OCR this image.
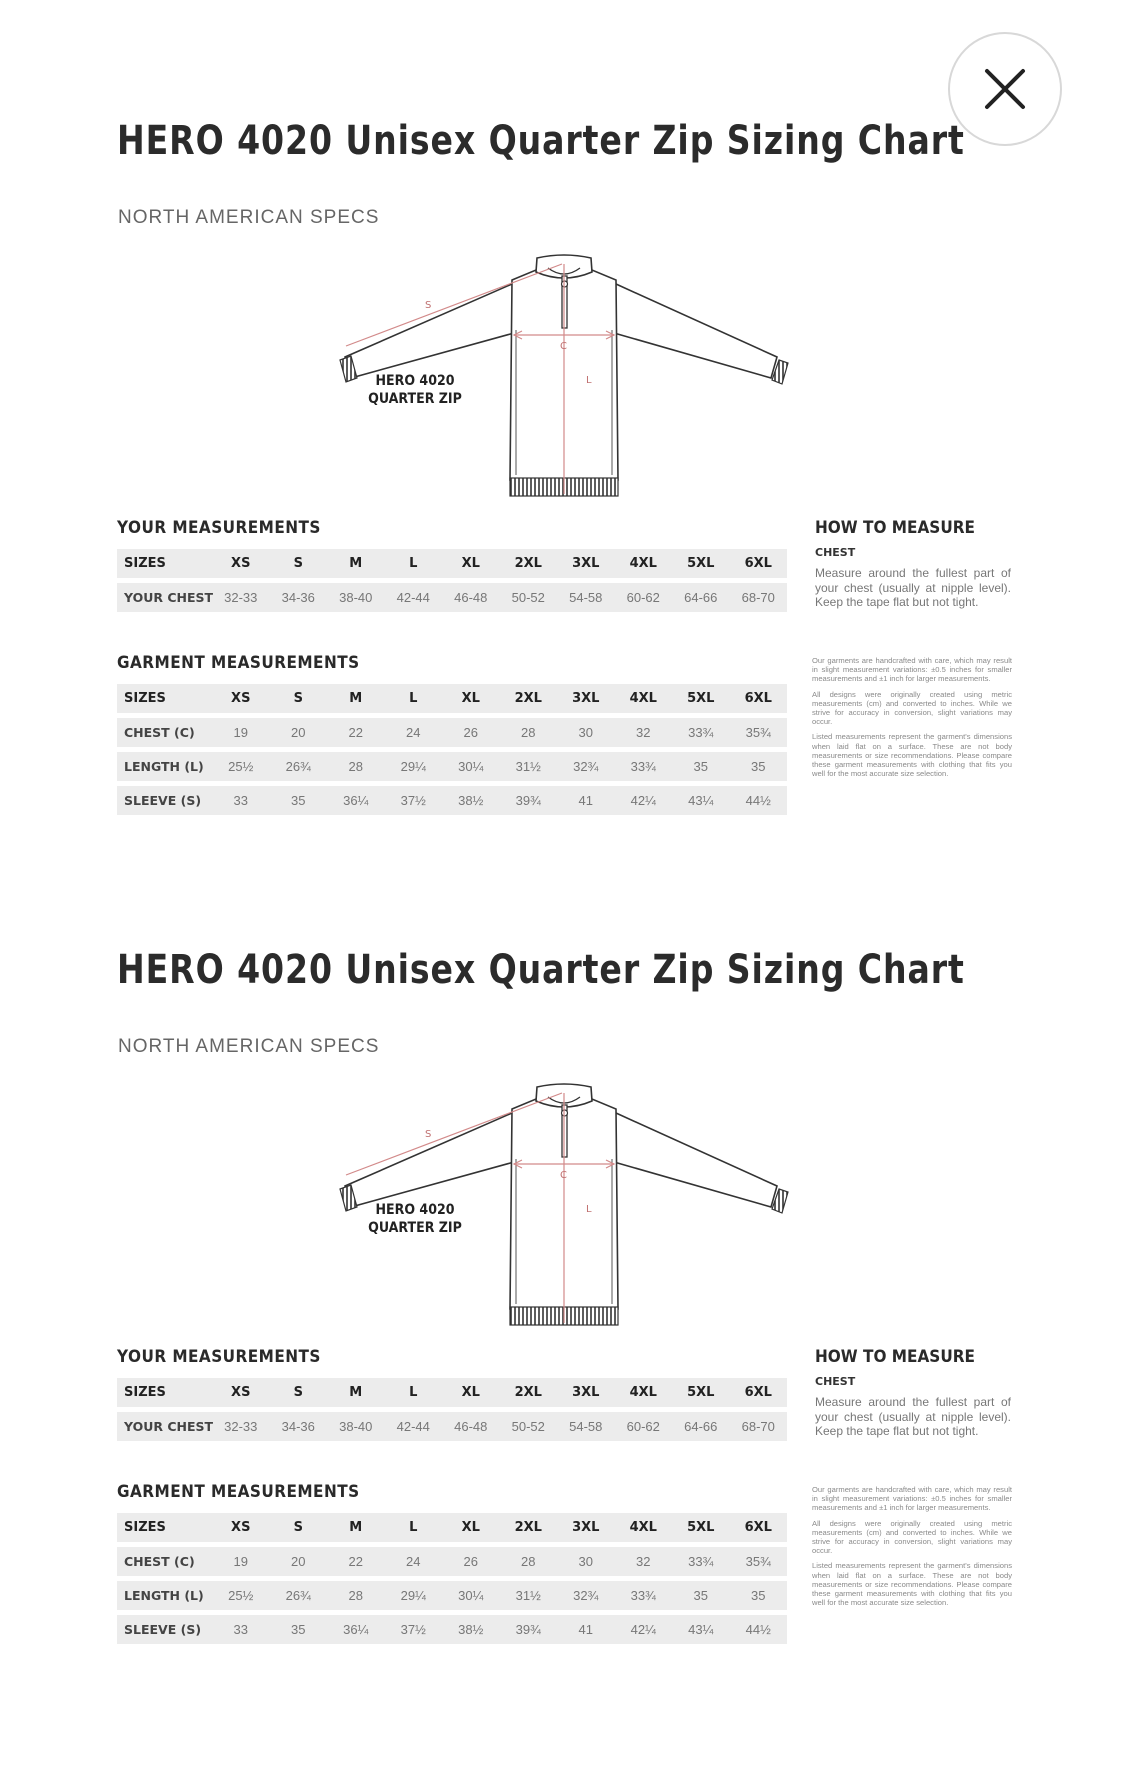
HERO 4020 Unisex Quarter Zip Sizing Chart
NORTH AMERICAN SPECS
S
C
L
HERO 4020
QUARTER ZIP
YOUR MEASUREMENTS
SIZES	XS	S	M	L	XL	2XL	3XL	4XL	5XL	6XL
YOUR CHEST	32-33	34-36	38-40	42-44	46-48	50-52	54-58	60-62	64-66	68-70
HOW TO MEASURE
CHEST
Measure around the fullest part of your chest (usually at nipple level). Keep the tape flat but not tight.
GARMENT MEASUREMENTS
SIZES	XS	S	M	L	XL	2XL	3XL	4XL	5XL	6XL
CHEST (C)	19	20	22	24	26	28	30	32	33¾	35¾
LENGTH (L)	25½	26¾	28	29¼	30¼	31½	32¾	33¾	35	35
SLEEVE (S)	33	35	36¼	37½	38½	39¾	41	42¼	43¼	44½

Our garments are handcrafted with care, which may result in slight measurement variations: ±0.5 inches for smaller measurements and ±1 inch for larger measurements.

All designs were originally created using metric measurements (cm) and converted to inches. While we strive for accuracy in conversion, slight variations may occur.

Listed measurements represent the garment's dimensions when laid flat on a surface. These are not body measurements or size recommendations. Please compare these garment measurements with clothing that fits you well for the most accurate size selection.

HERO 4020 Unisex Quarter Zip Sizing Chart
NORTH AMERICAN SPECS
S
C
L
HERO 4020
QUARTER ZIP
YOUR MEASUREMENTS
SIZES	XS	S	M	L	XL	2XL	3XL	4XL	5XL	6XL
YOUR CHEST	32-33	34-36	38-40	42-44	46-48	50-52	54-58	60-62	64-66	68-70
HOW TO MEASURE
CHEST
Measure around the fullest part of your chest (usually at nipple level). Keep the tape flat but not tight.
GARMENT MEASUREMENTS
SIZES	XS	S	M	L	XL	2XL	3XL	4XL	5XL	6XL
CHEST (C)	19	20	22	24	26	28	30	32	33¾	35¾
LENGTH (L)	25½	26¾	28	29¼	30¼	31½	32¾	33¾	35	35
SLEEVE (S)	33	35	36¼	37½	38½	39¾	41	42¼	43¼	44½

Our garments are handcrafted with care, which may result in slight measurement variations: ±0.5 inches for smaller measurements and ±1 inch for larger measurements.

All designs were originally created using metric measurements (cm) and converted to inches. While we strive for accuracy in conversion, slight variations may occur.

Listed measurements represent the garment's dimensions when laid flat on a surface. These are not body measurements or size recommendations. Please compare these garment measurements with clothing that fits you well for the most accurate size selection.
